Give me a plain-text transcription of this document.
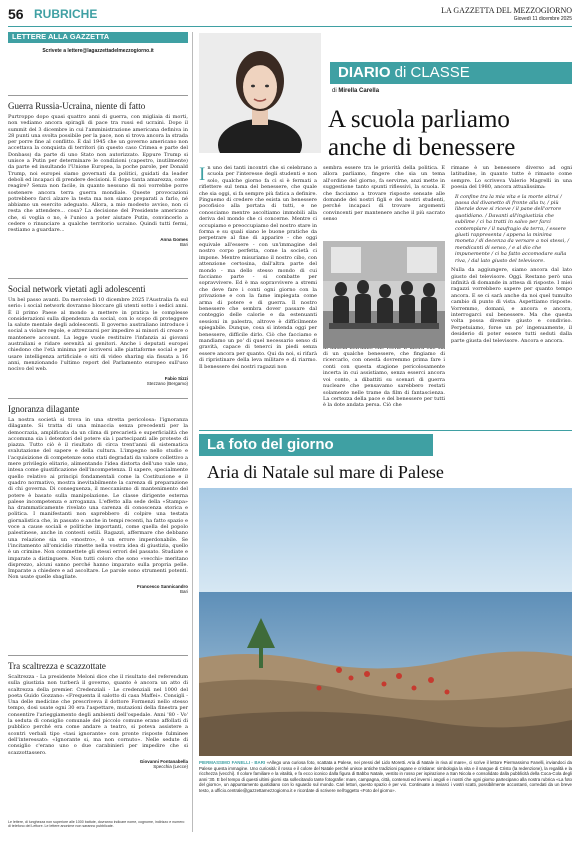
56 RUBRICHE	LA GAZZETTA DEL MEZZOGIORNO
Giovedì 11 dicembre 2025
LETTERE ALLA GAZZETTA
Scrivete a lettere@lagazzettadelmezzogiorno.it
Guerra Russia-Ucraina, niente di fatto
Purtroppo dopo quasi quattro anni di guerra, con migliaia di morti, non vediamo ancora spiragli di pace tra russi ed ucraini. Dopo il summit del 3 dicembre in cui l'amministrazione americana definiva in 28 punti una svolta possibile per la pace, non si trova ancora la strada per porre fine al conflitto. È dal 1945 che un governo americano non accettava la conquista di territori (in questo caso Crimea e parte del Donbass) da parte di uno Stato non autorizzato. Eppure Trump si unisce a Putin per determinare le condizioni (capestro, inutilmente) da parte ed insultando l'Unione Europea, la poche parole, per Donald Trump, noi europei siamo governati da politici, guidati da leader deboli ed incapaci di prendere decisioni. E dopo tanta amarezza, come reagire? Senza non facile, in quanto nessuno di noi vorrebbe porre sostenere ancora terra guerra mondiale. Queste provocazioni potrebbero farci alzare la testa ma non siamo preparati a farlo, né abbiamo un esercito adeguato. Allora, a mio modesto avviso, non ci resta che attendere... cosa? La decisione del Presidente americano che, si voglia o no, è l'unico a poter aiutare Putin, convincerlo a cedere o rinunciare a qualche territorio ucraino. Quindi tutti fermi, restiamo a guardare...
Anna Gomes
Bari
Social network vietati agli adolescenti
Un bel passo avanti. Da mercoledì 10 dicembre 2025 l'Australia fa sul serio: i social network dovranno bloccare gli utenti sotto i sedici anni. È il primo Paese al mondo a mettere in pratica le complesse considerazioni sulla dipendenza da social, con lo scopo di proteggere la salute mentale degli adolescenti. Il governo australiano introduce i social a violare regole, e attrezzarsi per impedire ai minori di creare o mantenere account. La legge vuole restituire l'infanzia ai giovani australiani e ridare serenità ai genitori. Anche i deputati europei chiedono che l'età minima per iscriversi alle piattaforme social e per usare intelligenza artificiale o siti di video sharing sia fissata a 16 anni, menzionando l'ultimo report del Parlamento europeo sull'uso nocivo del web.
Fabio Sizzi
Stezzano (Bergamo)
Ignoranza dilagante
La nostra società si trova in una stretta pericolosa: l'ignoranza dilagante. Si tratta di una minaccia senza precedenti per la democrazia, amplificata da un clima di precarietà e superficialità che accomuna sia i detentori del potere sia i partecipanti alle proteste di piazza. Tutto ciò è il risultato di circa trent'anni di sistematica svalutazione del sapere e della cultura. L'impegno nello studio e l'acquisizione di competenze sono stati degradati da valore collettivo a mere privilegio elitario, alimentando l'idea distorta dell'uno vale uno, intesa come giustificazione dell'incompetenza. Il sapere, specialmente quello relativo ai principi fondamentali come la Costituzione e il quadro normativo, mostra inevitabilmente la carenza di preparazione di chi governa. Di conseguenza, il meccanismo di mantenimento del potere è basato sulla manipolazione. Le classe dirigente esterna palese incompetenza e arroganza. L'effetto alla sede della «Stampa» ha drammaticamente rivelato una carenza di conoscenza storica e politica. I manifestanti non saprebbero di colpire una testata giornalistica che, in passato e anche in tempi recenti, ha fatto spazio e voce a cause sociali e politiche importanti, come quella del popolo palestinese, anche in contesti ostili. Ragazzi, affermare che debbano una relazione sia un «mostro», è un errore imperdonabile. Se l'incitamento all'omicidio rimette nella vostra idea di giustizia, quello è un crimine. Non commettete gli stessi errori del passato. Studiate e imparate a distinguere. Non tutti coloro che sono «vecchi» meritano disprezzo, alcuni sanno perché hanno imparato sulla propria pelle. Imparate a chiedere e ad ascoltare. Le parole sono strumenti potenti. Non usate quelle sbagliate.
Francesco Sannicandro
Bari
Tra scaltrezza e scazzottate
Scaltrezza - La presidente Meloni dice che il risultato del referendum sulla giustizia non turberà il governo, quanto è ancora un atto di scaltrezza della premier. Credenziali - Le credenziali nel 1000 del poeta Guido Gozzano: «Frequenta il salotto di casa Maffei». Consigli - Una delle medicine che prescriveva il dottore Formenzi nello stesso tempo, dosi usate ogni 30 era l'aspettare, mutazioni della finestra per consentire l'arieggiamento degli ambienti dell'ospedale. Anni '80 - Vo' la seduta di consiglio comunale del piccolo comune erano affollati di pubblico perché era come andare a teatro, si poteva assistere a scontri verbali tipo «tasi ignorante» con pronte risposte fulminee dell'interessato: «Ignorante si, ma non cornuto». Nelle sedute di consiglio c'erano uno o due carabinieri per impedire che si scazzottassero.
Giovanni Fontanabella
Specchia (Lecce)
Le lettere, di lunghezza non superiore alle 1000 battute, dovranno indicare nome, cognome, indirizzo e numero di telefono del Lettore. Le lettere anonime non saranno pubblicate.
DIARIO di CLASSE
di Mirella Carella
A scuola parliamo anche di benessere
In uno dei tanti incontri che si celebrano a scuola per l'interesse degli studenti e non solo, qualche giorno fa ci si è fermati a riflettere sul tema del benessere, che quale che sia oggi, si fa sempre più fatica a definire. Pinguemo di credere che esista un benessere pocofisico alla portata di tutti, e ne conosciamo mentre ascoltiamo immobili alla deriva del mondo che ci concerne. Mentre ci occupiamo e preoccupiamo del nostro stare in forma e su quali siano le buone pratiche da perpetrare al fine di apparire - che oggi equivale all'essere - con un'immagine del nostro corpo perfetta, come la società ci impone. Mentre misuriamo il nostro cibo, con attenzione certosina, dall'altra parte del mondo - ma dello stesso mondo di cui facciamo parte - si combatte per sopravvivere. Ed è ma sopravvivere a stremi che deve fare i conti ogni giorno con la privazione e con la fame impiegata come arma di potere e di guerra. Il nostro benessere che sembra dover passare dal conteggio delle calorie e da estenuanti sessioni in palestra, altrove è difficilmente spiegabile. Dunque, cosa si intenda oggi per benessere, difficile dirlo. Ciò che facciamo e mandiamo un po' di quel necessario senso di gravità, capace di tenerci in piedi senza essere ancora per quanto. Qui da noi, si rifarà di ripristinare della leva militare e di riarmo. Il benessere dei nostri ragazzi non
sembra essere tra le priorità della politica. E allora parliamo, fingere che sia un tema all'ordine del giorno, fa servirne, anzi mette in suggestione tanto spunti riflessivi, la scuola. E che facciamo a trovare risposte sensate alle domande dei nostri figli e dei nostri studenti, perché incapaci di trovare argomenti convincenti per mantenere anche il più sacrato senso
di un qualche benessere, che fingiamo di ricercarlo, con onestà dovremmo prima fare i conti con questa stagione pericolosamente incerta in cui assistiamo, senza esserci ancora voi conto, a dibattiti su scenari di guerra nucleare che pensavamo sarebbero restati solamente nelle trame da film di fantascienza. La certezza della pace e del benessere per tutti è la dote andata persa. Ciò che
rimane è un benessere diverso ad ogni latitudine, in quanto tutte è rimasto come sempre. Lo scriveva Valerio Magrelli in una poesia del 1980, ancora attualissima:
Il confine tra la mia vita e la morte altrui / passa dal divanetto di fronte alla tv, / più liberale dove si riceve / il pane dell'orrore quotidiano. / Davanti all'ingiustizia che sublime / ci ha tratti in salvo per farci contemplare / il naufragio da terra, / essere giusti rappresenta / appena la minima moneta / di decenza da versare a noi stessi, / mendicanti di senso, / e al dio che impunemente / ci ha fatto accomodare sulla riva, / dal lato giusto del televisore.
Nulla da aggiungere, siamo ancora dal lato giusto del televisore. Oggi. Restano però una infinità di domande in attesa di risposte. I miei ragazzi vorrebbero sapere per quanto tempo ancora. E se ci sarà anche da noi quel tumulto cambio di punto di vista. Aspettiamo risposte. Vorremmo, domani, e ancora e ancora, interrogarci sul benessere. Ma che questa volta possa divenire giusto e condiviso. Perpetuiamo, forse un po' ingenuamente, il desiderio di poter essere tutti seduti dalla parte giusta del televisore. Ancora e ancora.
La foto del giorno
Aria di Natale sul mare di Palese
PIERMASSIMO FANELLI - BARI «Allego una curiosa foto, scattata a Palese, nei pressi del Lido Moretti. Aria di Natale in riva al mare», ci scrive il lettore Piermassimo Fanelli, inviandoci da Palese questa immagine. Uno curiosità: il rosso e il colore del Natale perché unisce antiche tradizioni pagane e cristiane: simbologia la vita e il sangue di Cristo (la redenzione), la regalità e la ricchezza (vecchi). Il colore familiare e la vitalità, e fa ecco iconico dalla figura di Babbo Natale, vestito in rosso per ispirazione a San Nicola e consolidato dalla pubblicità della Coca-Cola degli anni '30. E bel tempo di questi ultimi giorni sta sollecitando tante fotografie: mare, campagna, città, contenuti ed inverni i angoli e i nostri che ogni giorno partecipano alla nostra rubrica «La foto del giorno», un appuntamento quotidiano con lo sguardo sul mondo. Cari lettori, questo spazio è per voi. Continuate a inviarci i vostri scatti, possibilmente accostanti, corredati da un breve testo, a ufficio.centrale@gazzettamezzogiorno.it e ricordate di scrivere nell'oggetto «Foto del giorno».
